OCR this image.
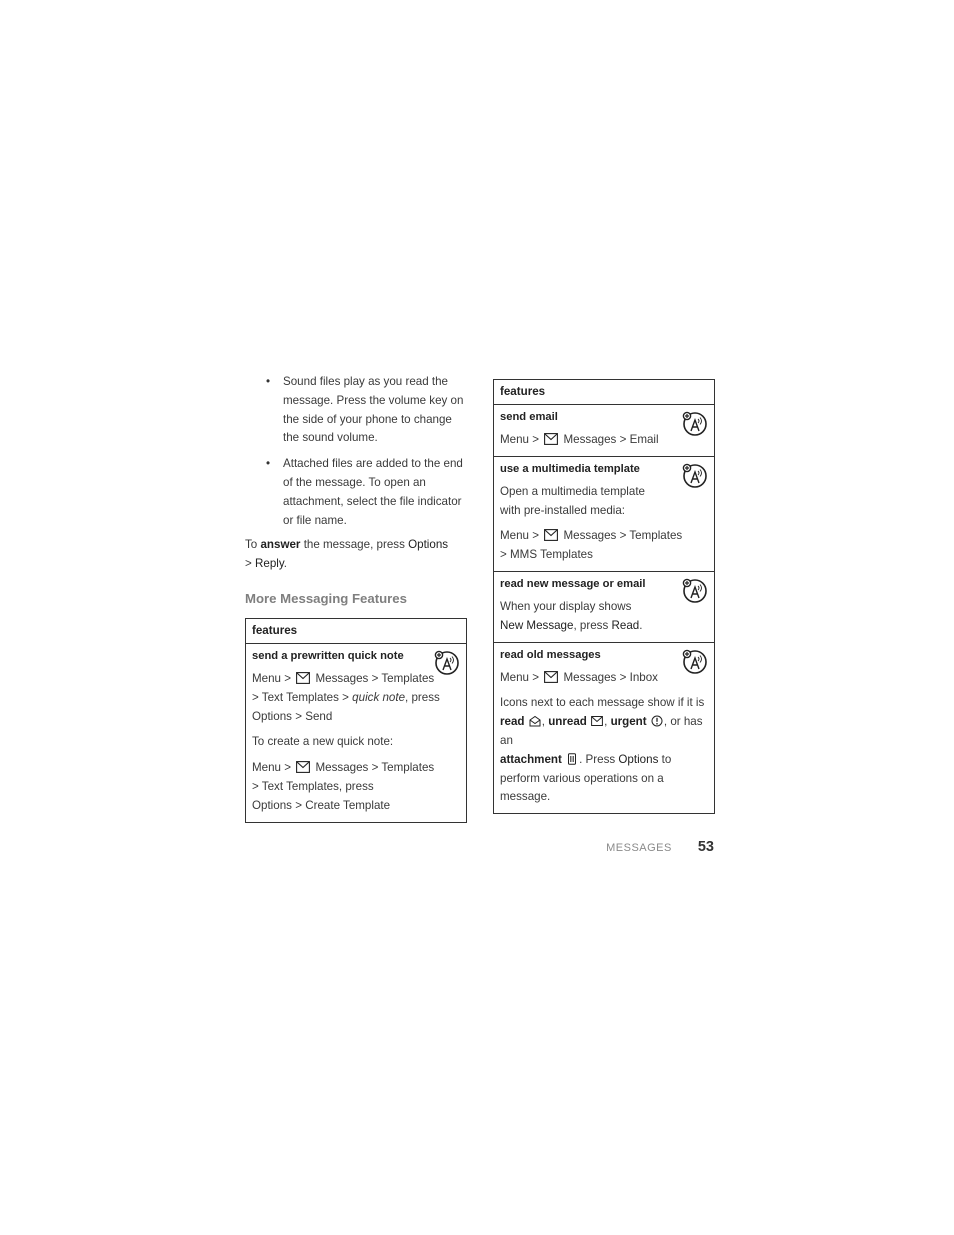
• Sound files play as you read the message. Press the volume key on the side of your phone to change the sound volume.
• Attached files are added to the end of the message. To open an attachment, select the file indicator or file name.

To answer the message, press Options
> Reply.

More Messaging Features
features

send a prewritten quick note

Menu > Messages > Templates
> Text Templates > quick note, press
Options > Send

To create a new quick note:

Menu > Messages > Templates
> Text Templates, press
Options > Create Template

features

send email

Menu > Messages > Email

use a multimedia template

Open a multimedia template with pre-installed media:

Menu > Messages > Templates
> MMS Templates

read new message or email

When your display shows
New Message, press Read.

read old messages

Menu > Messages > Inbox

Icons next to each message show if it is
read , unread , urgent , or has an
attachment . Press Options to perform various operations on a message.

MESSAGES 53
